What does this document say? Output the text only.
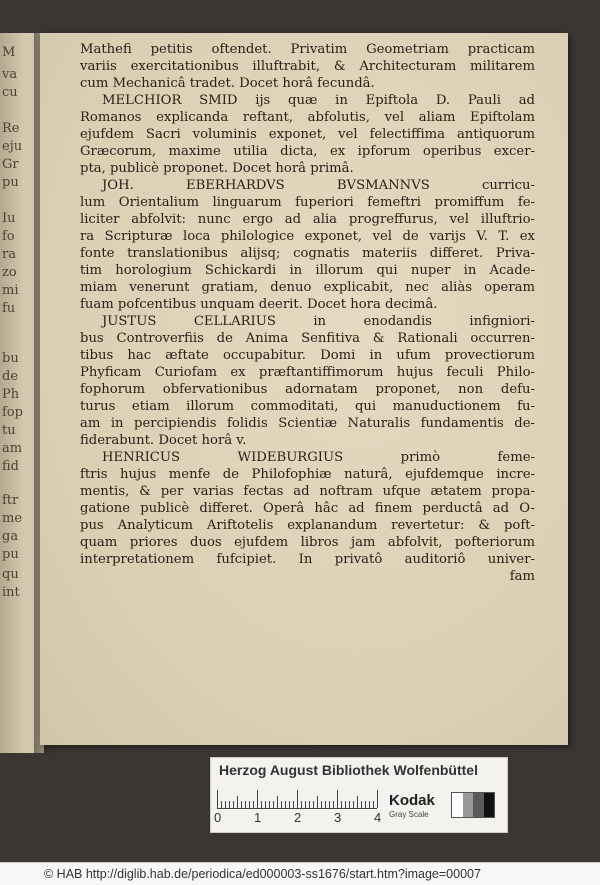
M
va
cu
Re
eju
Gr
pu
Iu
fo
ra
zo
mi
fu
bu
de
Ph
fop
tu
am
fid
ftr
me
ga
pu
qu
int
Mathefi petitis oftendet. Privatim Geometriam practicam
variis exercitationibus illuftrabit, & Architecturam militarem
cum Mechanicâ tradet. Docet horâ fecundâ.
MELCHIOR SMID ijs quæ in Epiftola D. Pauli ad
Romanos explicanda reftant, abfolutis, vel aliam Epiftolam
ejufdem Sacri voluminis exponet, vel felectiffima antiquorum
Græcorum, maxime utilia dicta, ex ipforum operibus excer-
pta, publicè proponet. Docet horâ primâ.
JOH. EBERHARDVS BVSMANNVS curricu-
lum Orientalium linguarum fuperiori femeftri promiffum fe-
liciter abfolvit: nunc ergo ad alia progreffurus, vel illuftrio-
ra Scripturæ loca philologice exponet, vel de varijs V. T. ex
fonte translationibus alijsq; cognatis materiis differet. Priva-
tim horologium Schickardi in illorum qui nuper in Acade-
miam venerunt gratiam, denuo explicabit, nec aliàs operam
fuam pofcentibus unquam deerit. Docet hora decimâ.
JUSTUS CELLARIUS in enodandis infigniori-
bus Controverfiis de Anima Senfitiva & Rationali occurren-
tibus hac æftate occupabitur. Domi in ufum provectiorum
Phyficam Curiofam ex præftantiffimorum hujus feculi Philo-
fophorum obfervationibus adornatam proponet, non defu-
turus etiam illorum commoditati, qui manuductionem fu-
am in percipiendis folidis Scientiæ Naturalis fundamentis de-
fiderabunt. Docet horâ v.
HENRICUS WIDEBURGIUS primò feme-
ftris hujus menfe de Philofophiæ naturâ, ejufdemque incre-
mentis, & per varias fectas ad noftram ufque ætatem propa-
gatione publicè differet. Operâ hâc ad finem perductâ ad O-
pus Analyticum Ariftotelis explanandum revertetur: & poft-
quam priores duos ejufdem libros jam abfolvit, pofteriorum
interpretationem fufcipiet. In privatô auditoriô univer-
fam
Herzog August Bibliothek Wolfenbüttel
0	1	2	3	4
Kodak
Gray Scale
© HAB http://diglib.hab.de/periodica/ed000003-ss1676/start.htm?image=00007
